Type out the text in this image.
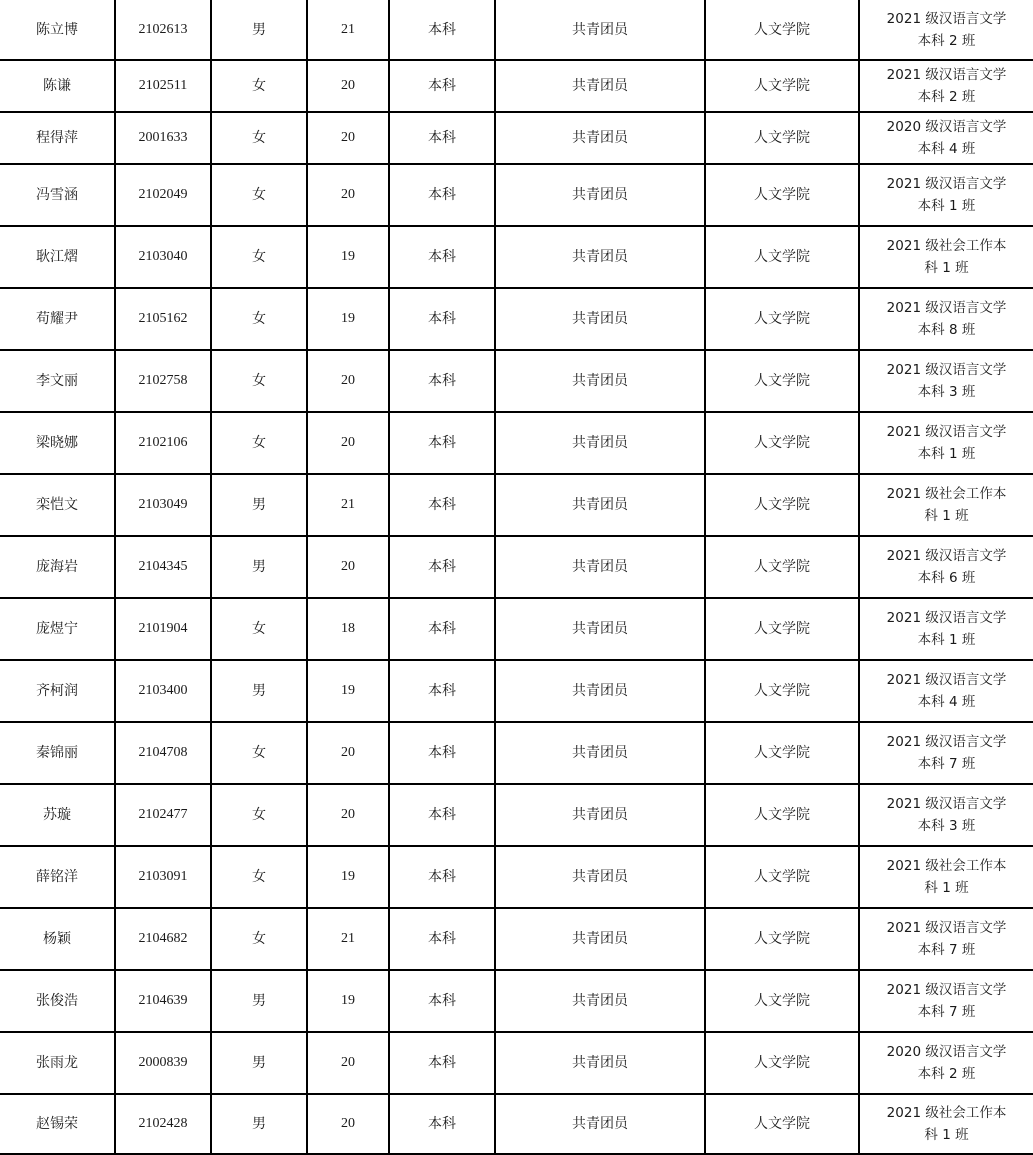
陈立博	2102613	男	21	本科	共青团员	人文学院	2021 级汉语言文学
本科 2 班

陈谦	2102511	女	20	本科	共青团员	人文学院	2021 级汉语言文学
本科 2 班

程得萍	2001633	女	20	本科	共青团员	人文学院	2020 级汉语言文学
本科 4 班

冯雪涵	2102049	女	20	本科	共青团员	人文学院	2021 级汉语言文学
本科 1 班

耿江熠	2103040	女	19	本科	共青团员	人文学院	2021 级社会工作本
科 1 班

苟耀尹	2105162	女	19	本科	共青团员	人文学院	2021 级汉语言文学
本科 8 班

李文丽	2102758	女	20	本科	共青团员	人文学院	2021 级汉语言文学
本科 3 班

梁晓娜	2102106	女	20	本科	共青团员	人文学院	2021 级汉语言文学
本科 1 班

栾恺文	2103049	男	21	本科	共青团员	人文学院	2021 级社会工作本
科 1 班

庞海岩	2104345	男	20	本科	共青团员	人文学院	2021 级汉语言文学
本科 6 班

庞煜宁	2101904	女	18	本科	共青团员	人文学院	2021 级汉语言文学
本科 1 班

齐柯润	2103400	男	19	本科	共青团员	人文学院	2021 级汉语言文学
本科 4 班

秦锦丽	2104708	女	20	本科	共青团员	人文学院	2021 级汉语言文学
本科 7 班

苏璇	2102477	女	20	本科	共青团员	人文学院	2021 级汉语言文学
本科 3 班

薛铭洋	2103091	女	19	本科	共青团员	人文学院	2021 级社会工作本
科 1 班

杨颖	2104682	女	21	本科	共青团员	人文学院	2021 级汉语言文学
本科 7 班

张俊浩	2104639	男	19	本科	共青团员	人文学院	2021 级汉语言文学
本科 7 班

张雨龙	2000839	男	20	本科	共青团员	人文学院	2020 级汉语言文学
本科 2 班

赵锡荣	2102428	男	20	本科	共青团员	人文学院	2021 级社会工作本
科 1 班
